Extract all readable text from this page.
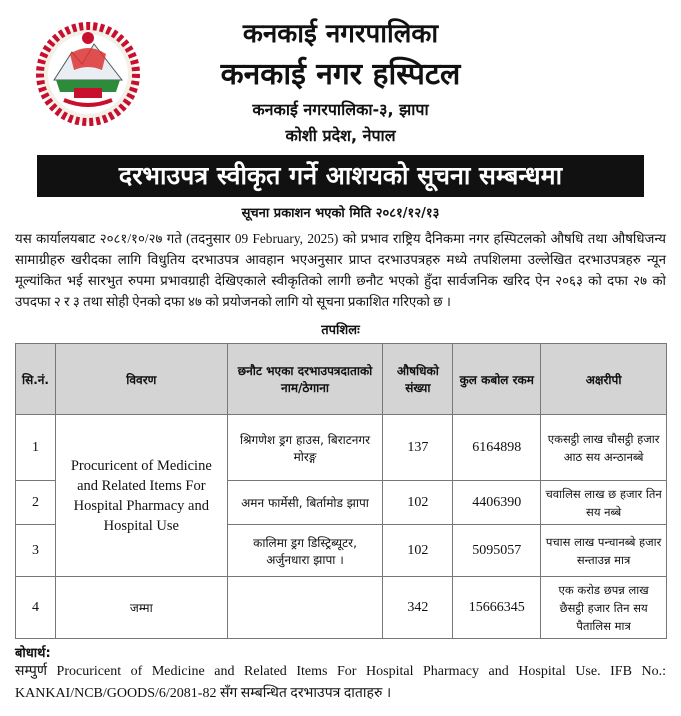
कनकाई नगरपालिका
कनकाई नगर हस्पिटल
कनकाई नगरपालिका-३, झापा
कोशी प्रदेश, नेपाल
दरभाउपत्र स्वीकृत गर्ने आशयको सूचना सम्बन्धमा
सूचना प्रकाशन भएको मिति २०८१/१२/१३
यस कार्यालयबाट २०८१/१०/२७ गते (तदनुसार 09 February, 2025) को प्रभाव राष्ट्रिय दैनिकमा नगर हस्पिटलको औषधि तथा औषधिजन्य सामाग्रीहरु खरीदका लागि विधुतिय दरभाउपत्र आवहान भएअनुसार प्राप्त दरभाउपत्रहरु मध्ये तपशिलमा उल्लेखित दरभाउपत्रहरु न्यून मूल्यांकित भई सारभुत रुपमा प्रभावग्राही देखिएकाले स्वीकृतिको लागी छनौट भएको हुँदा सार्वजनिक खरिद ऐन २०६३ को दफा २७ को उपदफा २ र ३ तथा सोही ऐनको दफा ४७ को प्रयोजनको लागि यो सूचना प्रकाशित गरिएको छ ।
तपशिलः
सि.नं.	विवरण	छनौट भएका दरभाउपत्रदाताको नाम/ठेगाना	औषधिको संख्या	कुल कबोल रकम	अक्षरीपी
1	Procuricent of Medicine and Related Items For Hospital Pharmacy and Hospital Use	श्रिगणेश ड्रग हाउस, बिराटनगर मोरङ्ग	137	6164898	एकसट्ठी लाख चौसट्ठी हजार आठ सय अन्ठानब्बे
2		अमन फार्मेसी, बिर्तामोड झापा	102	4406390	चवालिस लाख छ हजार तिन सय नब्बे
3		कालिमा ड्रग डिस्ट्रिब्यूटर, अर्जुनधारा झापा ।	102	5095057	पचास लाख पन्चानब्बे हजार सन्ताउन्न मात्र
4	जम्मा		342	15666345	एक करोड छपन्न लाख छैसट्ठी हजार तिन सय पैतालिस मात्र
बोधार्थ:
सम्पुर्ण Procuricent of Medicine and Related Items For Hospital Pharmacy and Hospital Use. IFB No.: KANKAI/NCB/GOODS/6/2081-82 सँग सम्बन्धित दरभाउपत्र दाताहरु ।
